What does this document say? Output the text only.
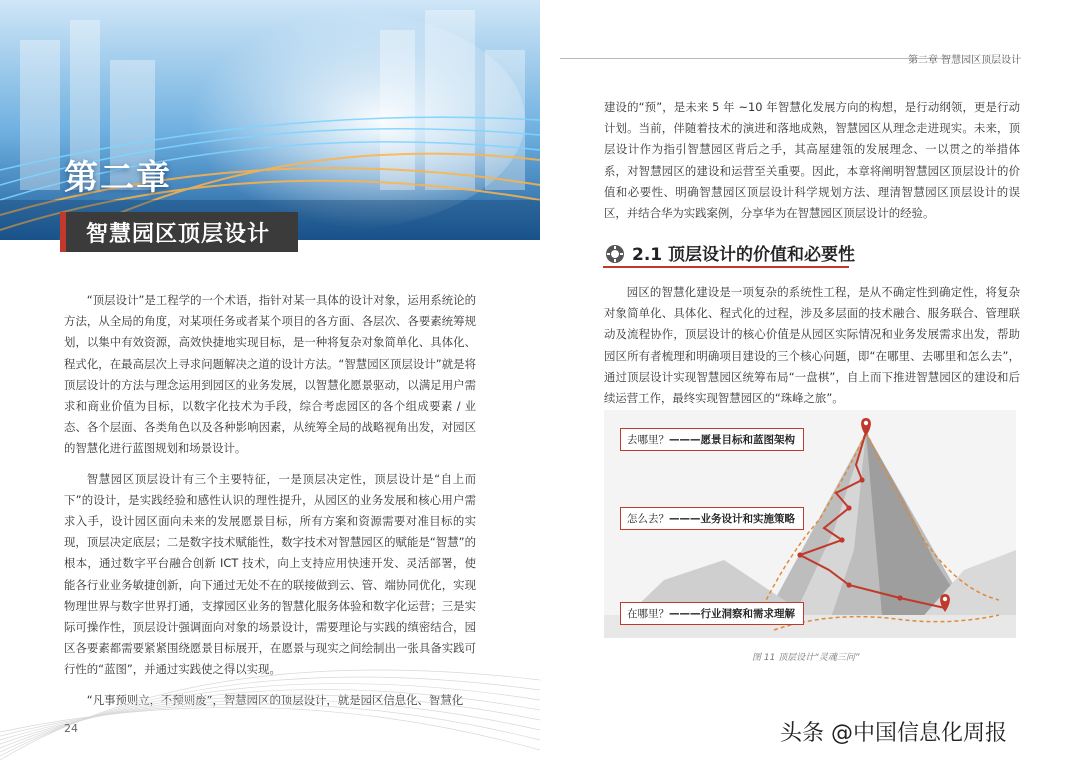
第二章
智慧园区顶层设计

“顶层设计”是工程学的一个术语，指针对某一具体的设计对象，运用系统论的方法，从全局的角度，对某项任务或者某个项目的各方面、各层次、各要素统筹规划，以集中有效资源，高效快捷地实现目标，是一种将复杂对象简单化、具体化、程式化，在最高层次上寻求问题解决之道的设计方法。“智慧园区顶层设计”就是将顶层设计的方法与理念运用到园区的业务发展，以智慧化愿景驱动，以满足用户需求和商业价值为目标，以数字化技术为手段，综合考虑园区的各个组成要素 / 业态、各个层面、各类角色以及各种影响因素，从统筹全局的战略视角出发，对园区的智慧化进行蓝图规划和场景设计。

智慧园区顶层设计有三个主要特征，一是顶层决定性，顶层设计是“自上而下”的设计，是实践经验和感性认识的理性提升，从园区的业务发展和核心用户需求入手，设计园区面向未来的发展愿景目标，所有方案和资源需要对准目标的实现，顶层决定底层；二是数字技术赋能性，数字技术对智慧园区的赋能是“智慧”的根本，通过数字平台融合创新 ICT 技术，向上支持应用快速开发、灵活部署，使能各行业业务敏捷创新，向下通过无处不在的联接做到云、管、端协同优化，实现物理世界与数字世界打通，支撑园区业务的智慧化服务体验和数字化运营；三是实际可操作性，顶层设计强调面向对象的场景设计，需要理论与实践的缜密结合，园区各要素都需要紧紧围绕愿景目标展开，在愿景与现实之间绘制出一张具备实践可行性的“蓝图”，并通过实践使之得以实现。

“凡事预则立，不预则废”，智慧园区的顶层设计，就是园区信息化、智慧化

24
第二章 智慧园区顶层设计

建设的“预”，是未来 5 年 ~10 年智慧化发展方向的构想，是行动纲领，更是行动计划。当前，伴随着技术的演进和落地成熟，智慧园区从理念走进现实。未来，顶层设计作为指引智慧园区背后之手，其高屋建瓴的发展理念、一以贯之的举措体系，对智慧园区的建设和运营至关重要。因此，本章将阐明智慧园区顶层设计的价值和必要性、明确智慧园区顶层设计科学规划方法、理清智慧园区顶层设计的误区，并结合华为实践案例，分享华为在智慧园区顶层设计的经验。

2.1 顶层设计的价值和必要性

园区的智慧化建设是一项复杂的系统性工程，是从不确定性到确定性，将复杂对象简单化、具体化、程式化的过程，涉及多层面的技术融合、服务联合、管理联动及流程协作，顶层设计的核心价值是从园区实际情况和业务发展需求出发，帮助园区所有者梳理和明确项目建设的三个核心问题，即“在哪里、去哪里和怎么去”，通过顶层设计实现智慧园区统筹布局“一盘棋”，自上而下推进智慧园区的建设和后续运营工作，最终实现智慧园区的“珠峰之旅”。

去哪里？———愿景目标和蓝图架构
怎么去？———业务设计和实施策略
在哪里？———行业洞察和需求理解
图 11 顶层设计“灵魂三问”
头条 @中国信息化周报
